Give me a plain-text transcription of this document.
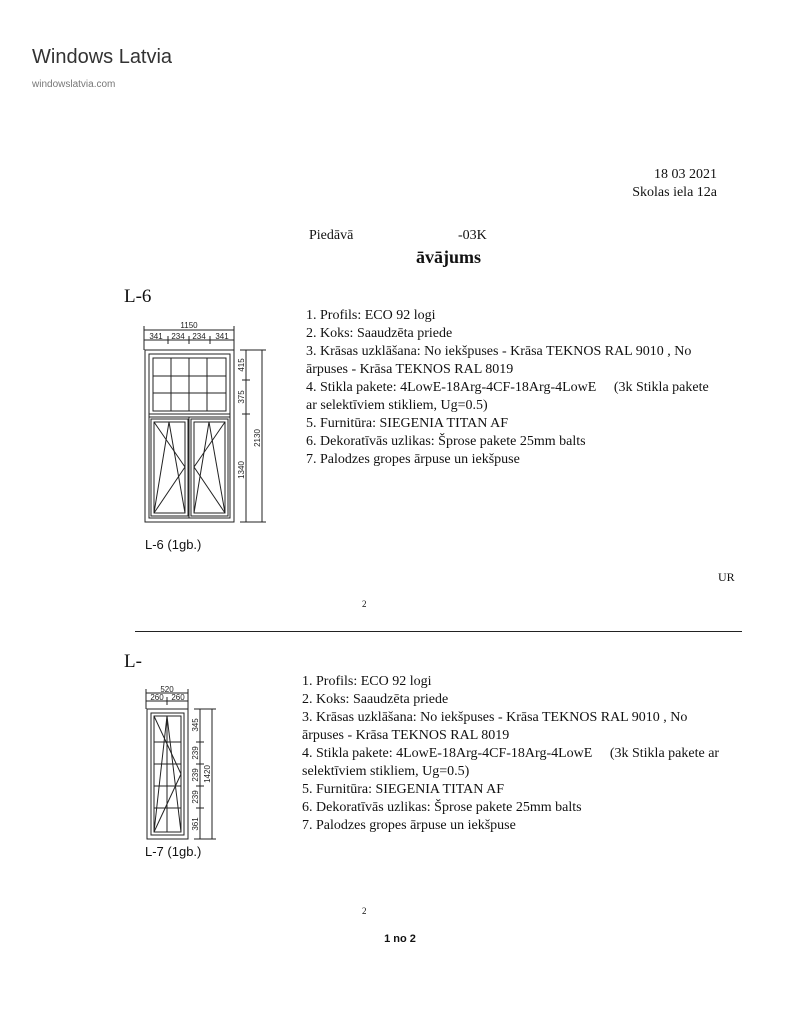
Windows Latvia
windowslatvia.com
18 03 2021
Skolas iela 12a
Piedāvā	-03K
āvājums
L-6
1150
341 234 234 341
2130
415
375
1340
L-6 (1gb.)
1. Profils: ECO 92 logi
2. Koks: Saaudzēta priede
3. Krāsas uzklāšana: No iekšpuses - Krāsa TEKNOS RAL 9010 , No
ārpuses - Krāsa TEKNOS RAL 8019
4. Stikla pakete: 4LowE-18Arg-4CF-18Arg-4LowE     (3k Stikla pakete
ar selektīviem stikliem, Ug=0.5)
5. Furnitūra: SIEGENIA TITAN AF
6. Dekoratīvās uzlikas: Šprose pakete 25mm balts
7. Palodzes gropes ārpuse un iekšpuse
UR
2
L-
520
260 260
1420
345
239
239
239
361
L-7 (1gb.)
1. Profils: ECO 92 logi
2. Koks: Saaudzēta priede
3. Krāsas uzklāšana: No iekšpuses - Krāsa TEKNOS RAL 9010 , No
ārpuses - Krāsa TEKNOS RAL 8019
4. Stikla pakete: 4LowE-18Arg-4CF-18Arg-4LowE     (3k Stikla pakete ar
selektīviem stikliem, Ug=0.5)
5. Furnitūra: SIEGENIA TITAN AF
6. Dekoratīvās uzlikas: Šprose pakete 25mm balts
7. Palodzes gropes ārpuse un iekšpuse
2
1 no 2
